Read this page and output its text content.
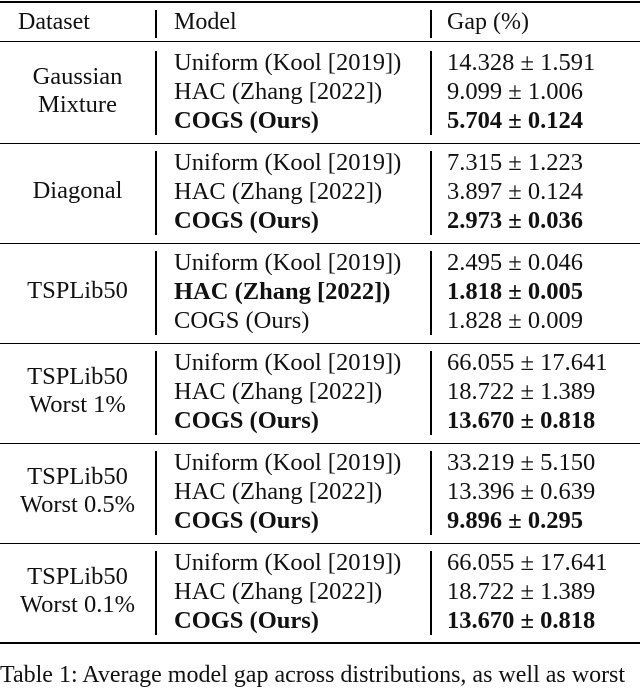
Dataset	Model	Gap (%)
Gaussian
Mixture
Uniform (Kool [2019]) 14.328 ± 1.591
HAC (Zhang [2022])	9.099 ± 1.006
COGS (Ours)	5.704 ± 0.124
Diagonal
Uniform (Kool [2019]) 7.315 ± 1.223
HAC (Zhang [2022])	3.897 ± 0.124
COGS (Ours)	2.973 ± 0.036
TSPLib50
Uniform (Kool [2019]) 2.495 ± 0.046
HAC (Zhang [2022]) 1.818 ± 0.005
COGS (Ours)	1.828 ± 0.009
TSPLib50
Worst 1%
Uniform (Kool [2019]) 66.055 ± 17.641
HAC (Zhang [2022])	18.722 ± 1.389
COGS (Ours)	13.670 ± 0.818
TSPLib50
Worst 0.5%
Uniform (Kool [2019]) 33.219 ± 5.150
HAC (Zhang [2022])	13.396 ± 0.639
COGS (Ours)	9.896 ± 0.295
TSPLib50
Worst 0.1%
Uniform (Kool [2019]) 66.055 ± 17.641
HAC (Zhang [2022])	18.722 ± 1.389
COGS (Ours)	13.670 ± 0.818
Table 1: Average model gap across distributions, as well as worst
